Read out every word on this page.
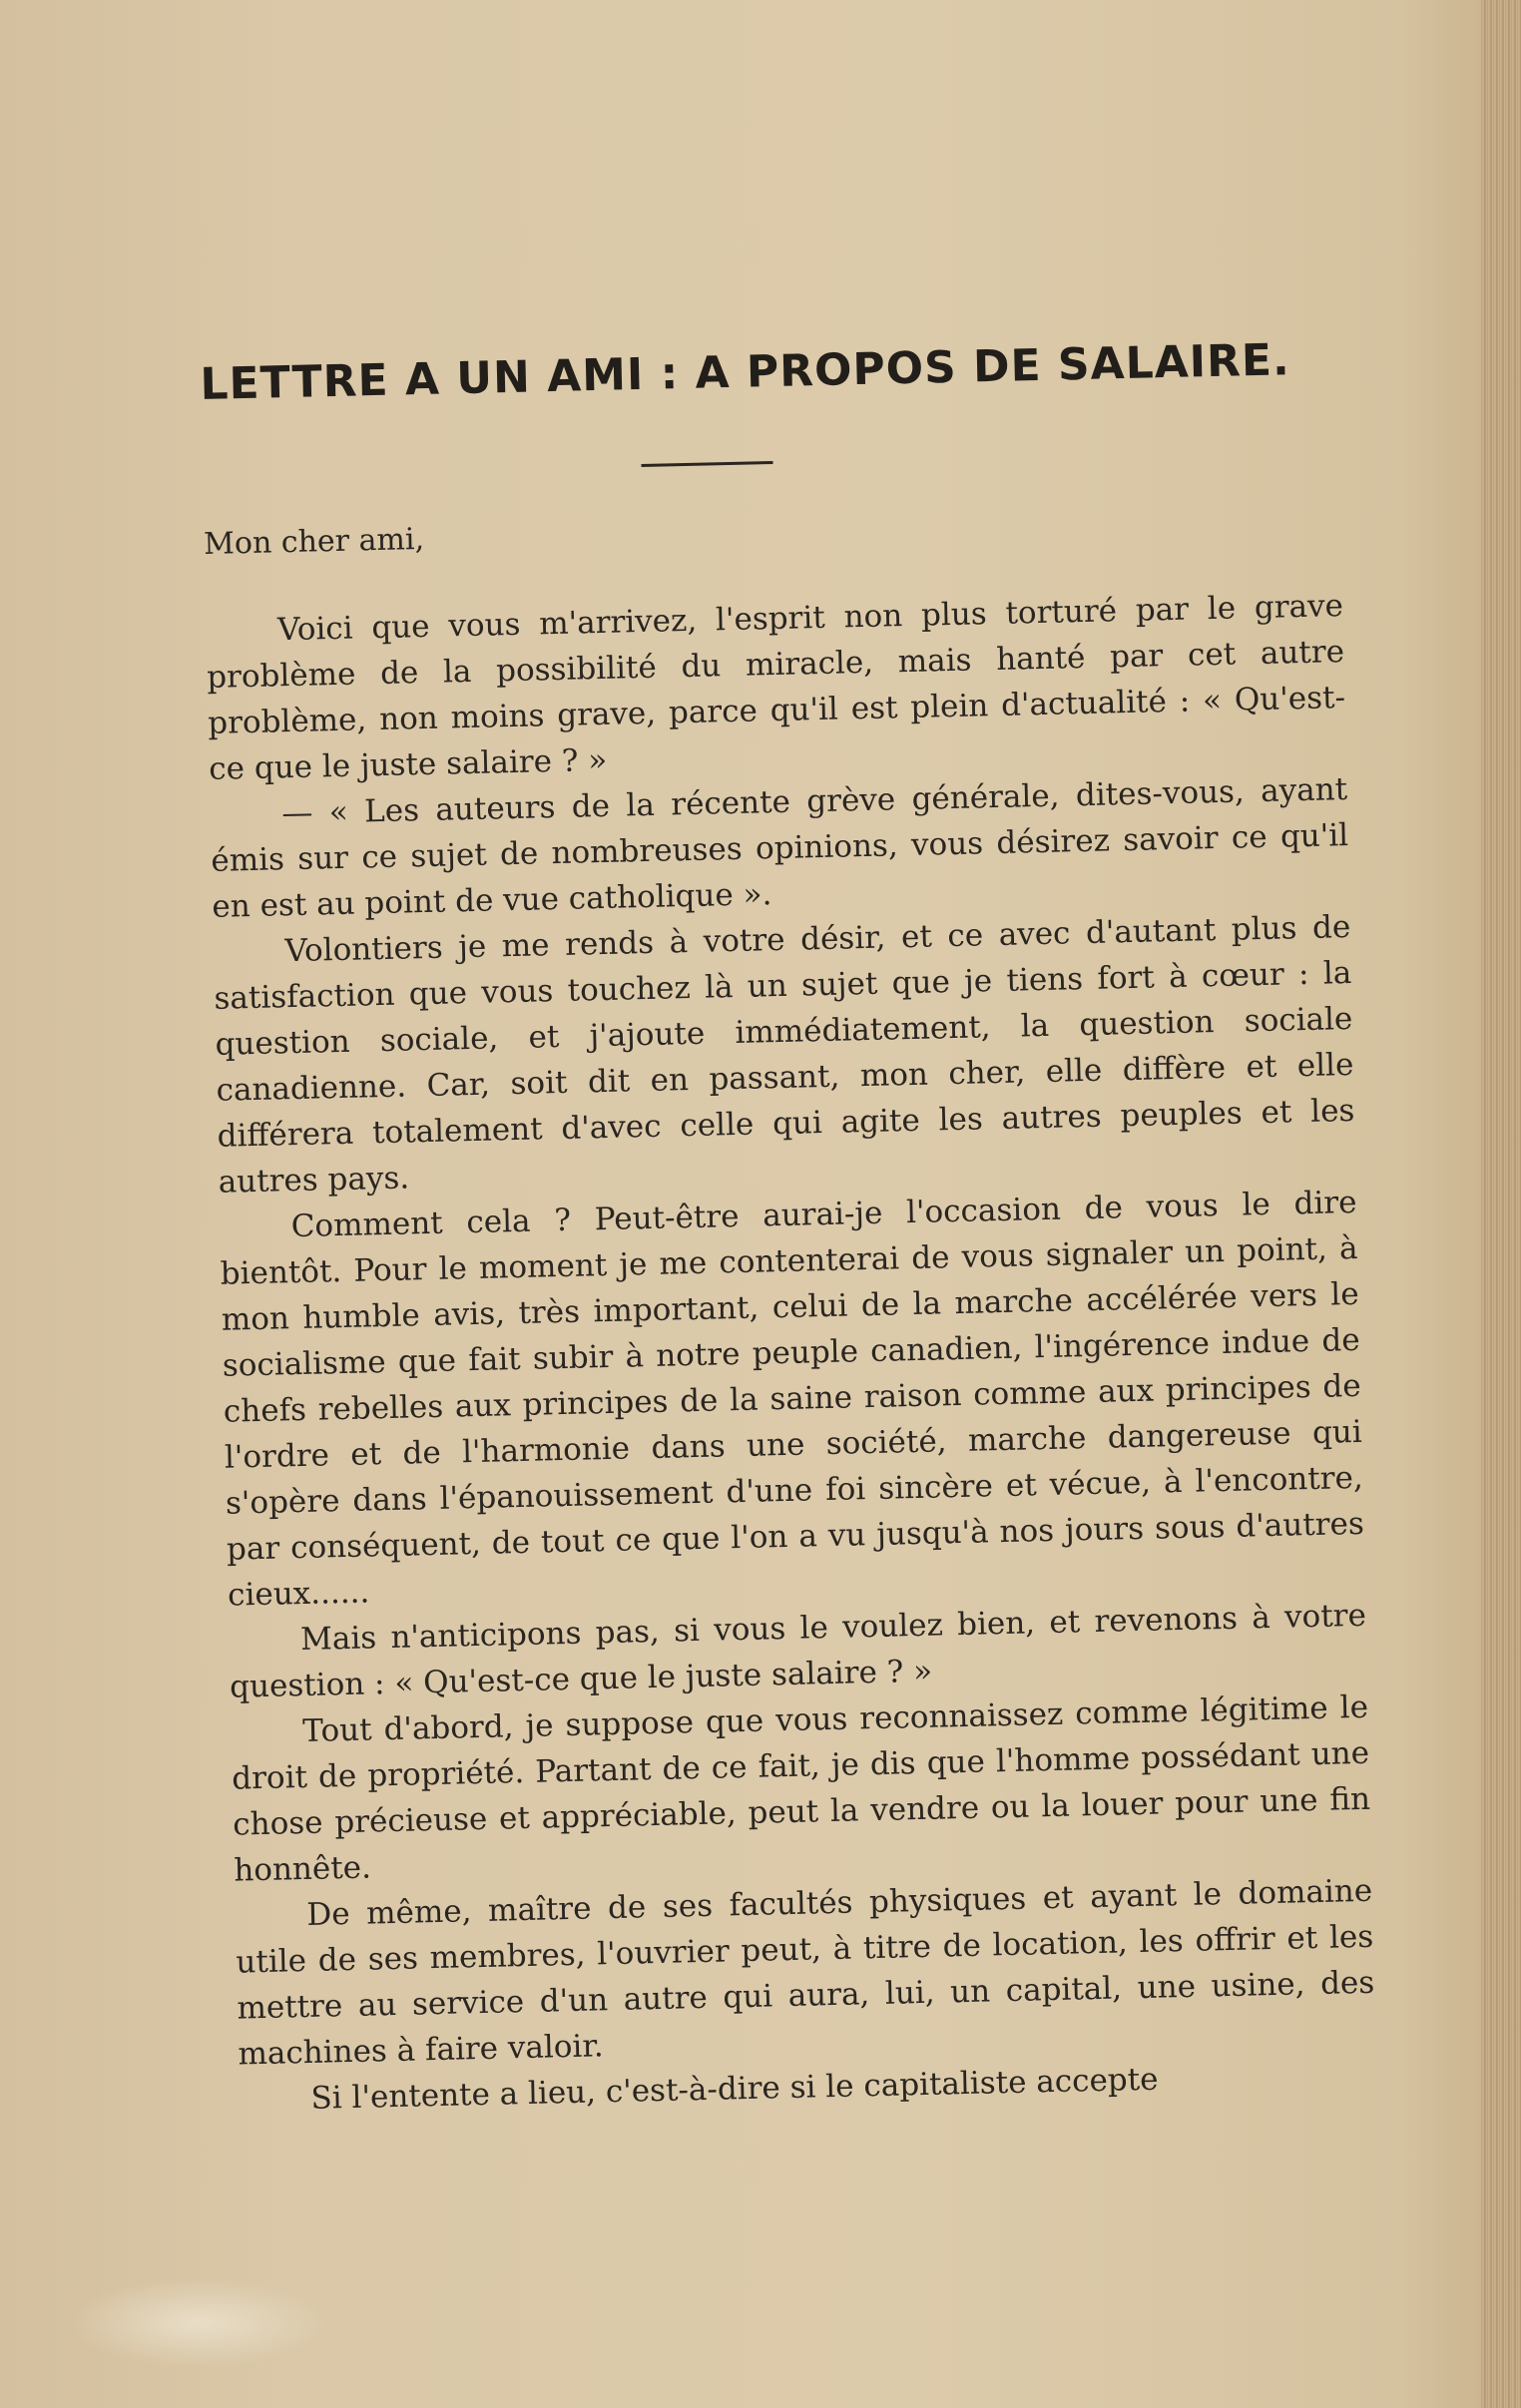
LETTRE A UN AMI : A PROPOS DE SALAIRE.

Mon cher ami,

Voici que vous m'arrivez, l'esprit non plus torturé par le grave problème de la possibilité du miracle, mais hanté par cet autre problème, non moins grave, parce qu'il est plein d'actualité : « Qu'est-ce que le juste salaire ? »

— « Les auteurs de la récente grève générale, dites-vous, ayant émis sur ce sujet de nombreuses opinions, vous désirez savoir ce qu'il en est au point de vue catholique ».

Volontiers je me rends à votre désir, et ce avec d'autant plus de satisfaction que vous touchez là un sujet que je tiens fort à cœur : la question sociale, et j'ajoute immédiatement, la question sociale canadienne. Car, soit dit en passant, mon cher, elle diffère et elle différera totalement d'avec celle qui agite les autres peuples et les autres pays.

Comment cela ? Peut-être aurai-je l'occasion de vous le dire bientôt. Pour le moment je me contenterai de vous signaler un point, à mon humble avis, très important, celui de la marche accélérée vers le socialisme que fait subir à notre peuple canadien, l'ingérence indue de chefs rebelles aux principes de la saine raison comme aux principes de l'ordre et de l'harmonie dans une société, marche dangereuse qui s'opère dans l'épanouissement d'une foi sincère et vécue, à l'encontre, par conséquent, de tout ce que l'on a vu jusqu'à nos jours sous d'autres cieux......

Mais n'anticipons pas, si vous le voulez bien, et revenons à votre question : « Qu'est-ce que le juste salaire ? »

Tout d'abord, je suppose que vous reconnaissez comme légitime le droit de propriété. Partant de ce fait, je dis que l'homme possédant une chose précieuse et appréciable, peut la vendre ou la louer pour une fin honnête.

De même, maître de ses facultés physiques et ayant le domaine utile de ses membres, l'ouvrier peut, à titre de location, les offrir et les mettre au service d'un autre qui aura, lui, un capital, une usine, des machines à faire valoir.

Si l'entente a lieu, c'est-à-dire si le capitaliste accepte
